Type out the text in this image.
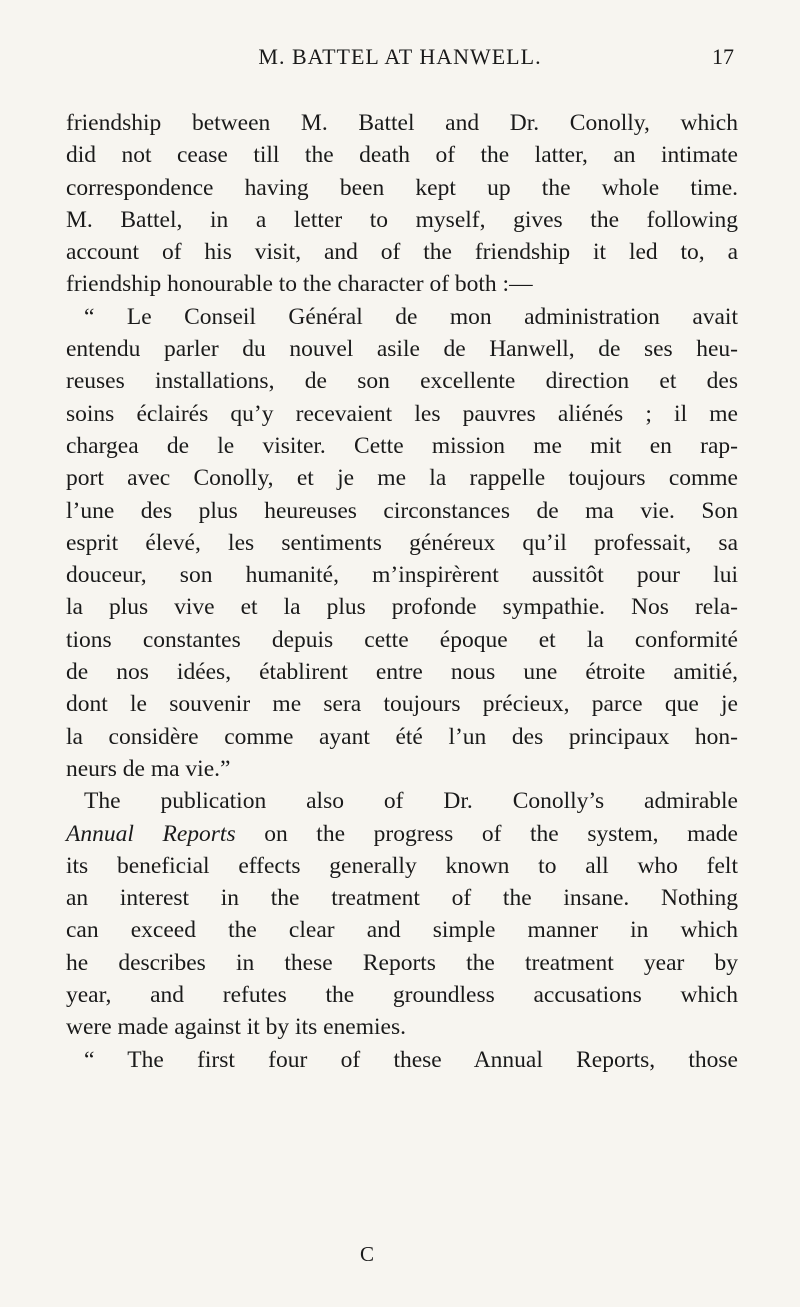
M. BATTEL AT HANWELL.	17
friendship between M. Battel and Dr. Conolly, which
did not cease till the death of the latter, an intimate
correspondence having been kept up the whole time.
M. Battel, in a letter to myself, gives the following
account of his visit, and of the friendship it led to, a
friendship honourable to the character of both :—
“ Le Conseil Général de mon administration avait
entendu parler du nouvel asile de Hanwell, de ses heu-
reuses installations, de son excellente direction et des
soins éclairés qu’y recevaient les pauvres aliénés ; il me
chargea de le visiter. Cette mission me mit en rap-
port avec Conolly, et je me la rappelle toujours comme
l’une des plus heureuses circonstances de ma vie. Son
esprit élevé, les sentiments généreux qu’il professait, sa
douceur, son humanité, m’inspirèrent aussitôt pour lui
la plus vive et la plus profonde sympathie. Nos rela-
tions constantes depuis cette époque et la conformité
de nos idées, établirent entre nous une étroite amitié,
dont le souvenir me sera toujours précieux, parce que je
la considère comme ayant été l’un des principaux hon-
neurs de ma vie.”
The publication also of Dr. Conolly’s admirable
Annual Reports on the progress of the system, made
its beneficial effects generally known to all who felt
an interest in the treatment of the insane. Nothing
can exceed the clear and simple manner in which
he describes in these Reports the treatment year by
year, and refutes the groundless accusations which
were made against it by its enemies.
“ The first four of these Annual Reports, those
C
